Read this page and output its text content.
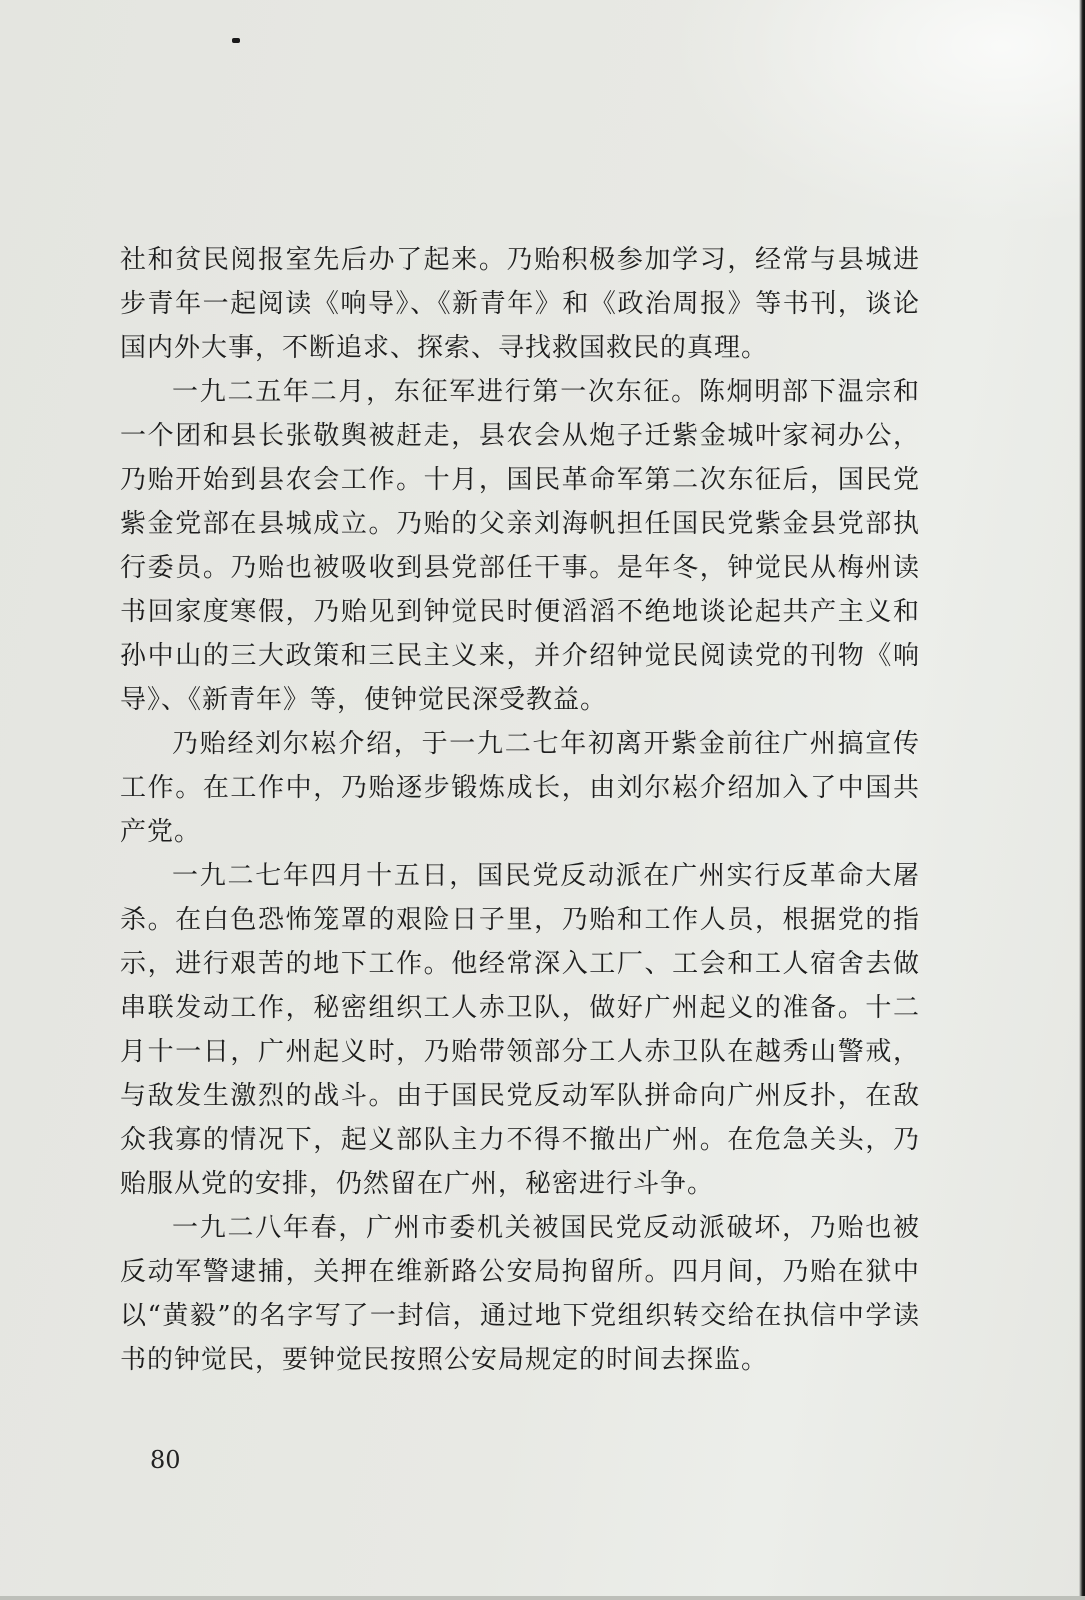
社和贫民阅报室先后办了起来。乃贻积极参加学习，经常与县城进步青年一起阅读《响导》、《新青年》和《政治周报》等书刊，谈论国内外大事，不断追求、探索、寻找救国救民的真理。

一九二五年二月，东征军进行第一次东征。陈炯明部下温宗和一个团和县长张敬舆被赶走，县农会从炮子迁紫金城叶家祠办公，乃贻开始到县农会工作。十月，国民革命军第二次东征后，国民党紫金党部在县城成立。乃贻的父亲刘海帆担任国民党紫金县党部执行委员。乃贻也被吸收到县党部任干事。是年冬，钟觉民从梅州读书回家度寒假，乃贻见到钟觉民时便滔滔不绝地谈论起共产主义和孙中山的三大政策和三民主义来，并介绍钟觉民阅读党的刊物《响导》、《新青年》等，使钟觉民深受教益。

乃贻经刘尔崧介绍，于一九二七年初离开紫金前往广州搞宣传工作。在工作中，乃贻逐步锻炼成长，由刘尔崧介绍加入了中国共产党。

一九二七年四月十五日，国民党反动派在广州实行反革命大屠杀。在白色恐怖笼罩的艰险日子里，乃贻和工作人员，根据党的指示，进行艰苦的地下工作。他经常深入工厂、工会和工人宿舍去做串联发动工作，秘密组织工人赤卫队，做好广州起义的准备。十二月十一日，广州起义时，乃贻带领部分工人赤卫队在越秀山警戒，与敌发生激烈的战斗。由于国民党反动军队拼命向广州反扑，在敌众我寡的情况下，起义部队主力不得不撤出广州。在危急关头，乃贻服从党的安排，仍然留在广州，秘密进行斗争。

一九二八年春，广州市委机关被国民党反动派破坏，乃贻也被反动军警逮捕，关押在维新路公安局拘留所。四月间，乃贻在狱中以“黄毅”的名字写了一封信，通过地下党组织转交给在执信中学读书的钟觉民，要钟觉民按照公安局规定的时间去探监。

80
